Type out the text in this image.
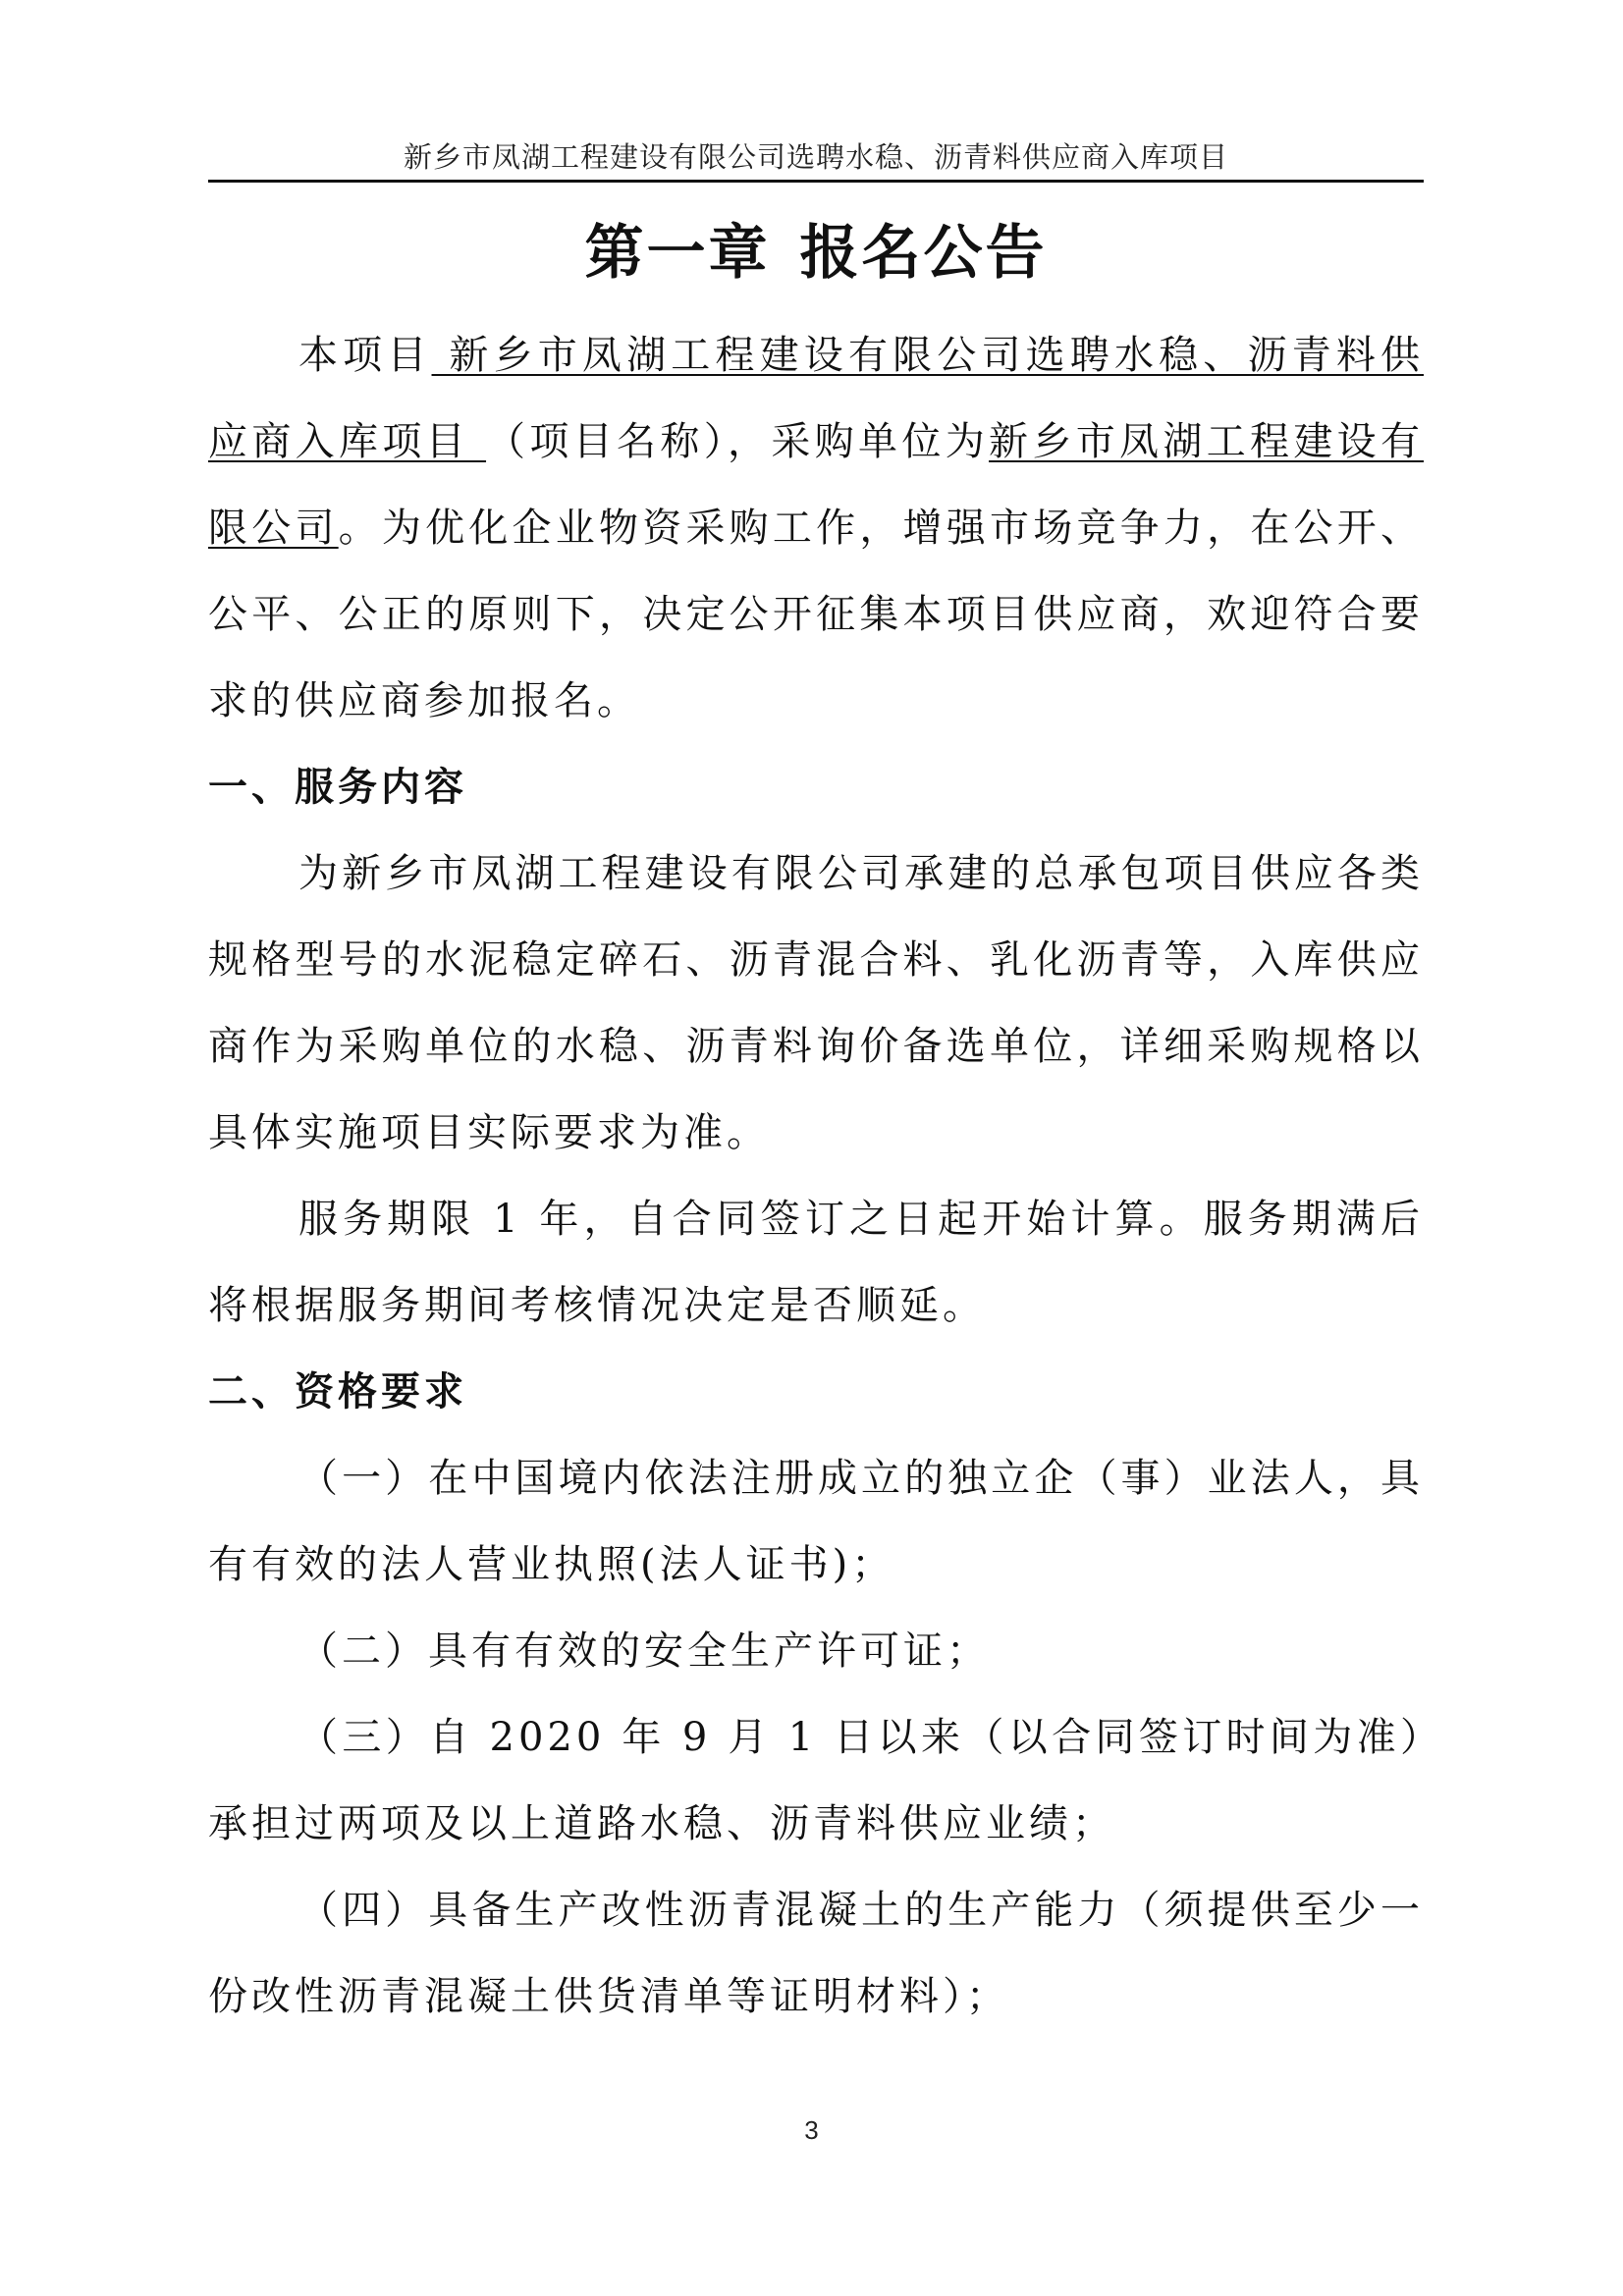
新乡市凤湖工程建设有限公司选聘水稳、沥青料供应商入库项目
第一章 报名公告

本项目 新乡市凤湖工程建设有限公司选聘水稳、沥青料供应商入库项目 （项目名称），采购单位为新乡市凤湖工程建设有限公司。为优化企业物资采购工作，增强市场竞争力，在公开、公平、公正的原则下，决定公开征集本项目供应商，欢迎符合要求的供应商参加报名。

一、服务内容

为新乡市凤湖工程建设有限公司承建的总承包项目供应各类规格型号的水泥稳定碎石、沥青混合料、乳化沥青等，入库供应商作为采购单位的水稳、沥青料询价备选单位，详细采购规格以具体实施项目实际要求为准。

服务期限 1 年，自合同签订之日起开始计算。服务期满后将根据服务期间考核情况决定是否顺延。

二、资格要求

（一）在中国境内依法注册成立的独立企（事）业法人，具有有效的法人营业执照(法人证书)；

（二）具有有效的安全生产许可证；

（三）自 2020 年 9 月 1 日以来（以合同签订时间为准）承担过两项及以上道路水稳、沥青料供应业绩；

（四）具备生产改性沥青混凝土的生产能力（须提供至少一份改性沥青混凝土供货清单等证明材料）；

3
